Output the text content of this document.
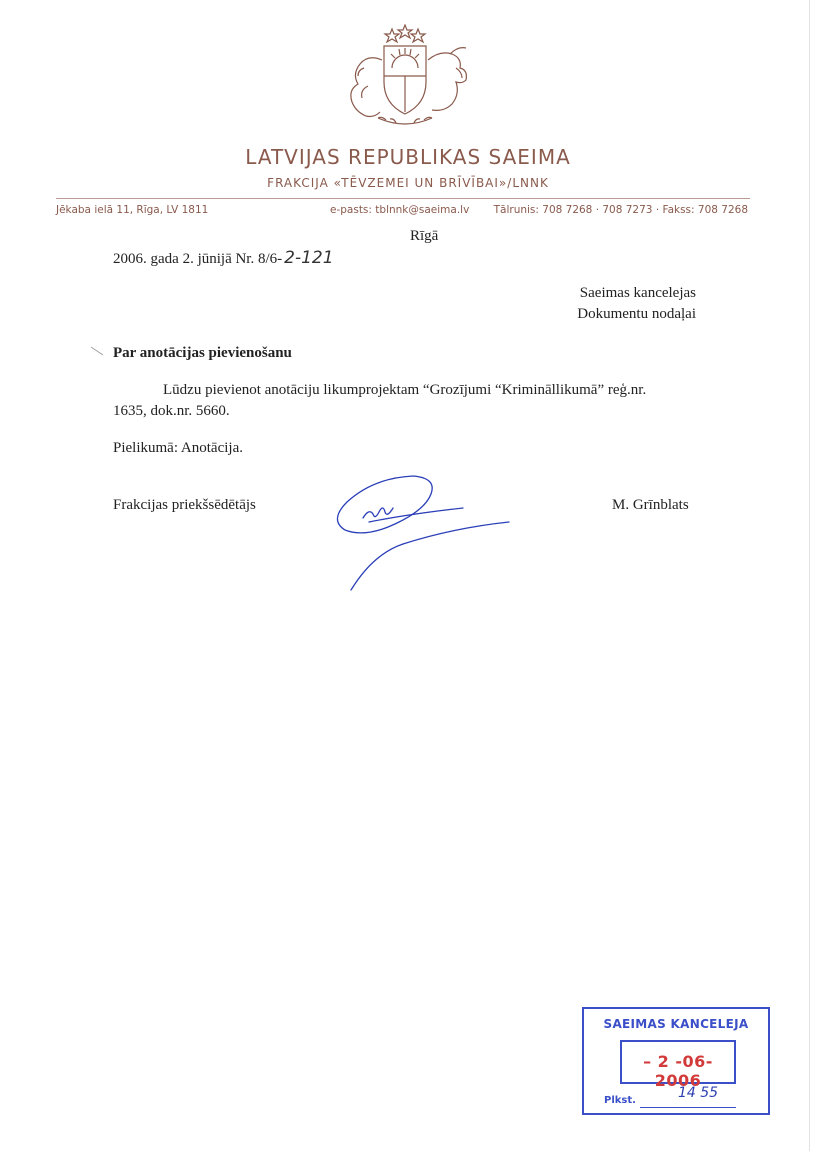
LATVIJAS REPUBLIKAS SAEIMA
FRAKCIJA «TĒVZEMEI UN BRĪVĪBAI»/LNNK
Jēkaba ielā 11, Rīga, LV 1811	e-pasts: tblnnk@saeima.lv Tālrunis: 708 7268 · 708 7273 · Fakss: 708 7268
Rīgā
2006. gada 2. jūnijā Nr. 8/6- 2-121
Saeimas kancelejas
Dokumentu nodaļai
Par anotācijas pievienošanu
Lūdzu pievienot anotāciju likumprojektam “Grozījumi “Krimināllikumā” reģ.nr.
1635, dok.nr. 5660.
Pielikumā: Anotācija.
Frakcijas priekšsēdētājs	M. Grīnblats
SAEIMAS KANCELEJA
– 2 -06- 2006
Plkst.	14 55
